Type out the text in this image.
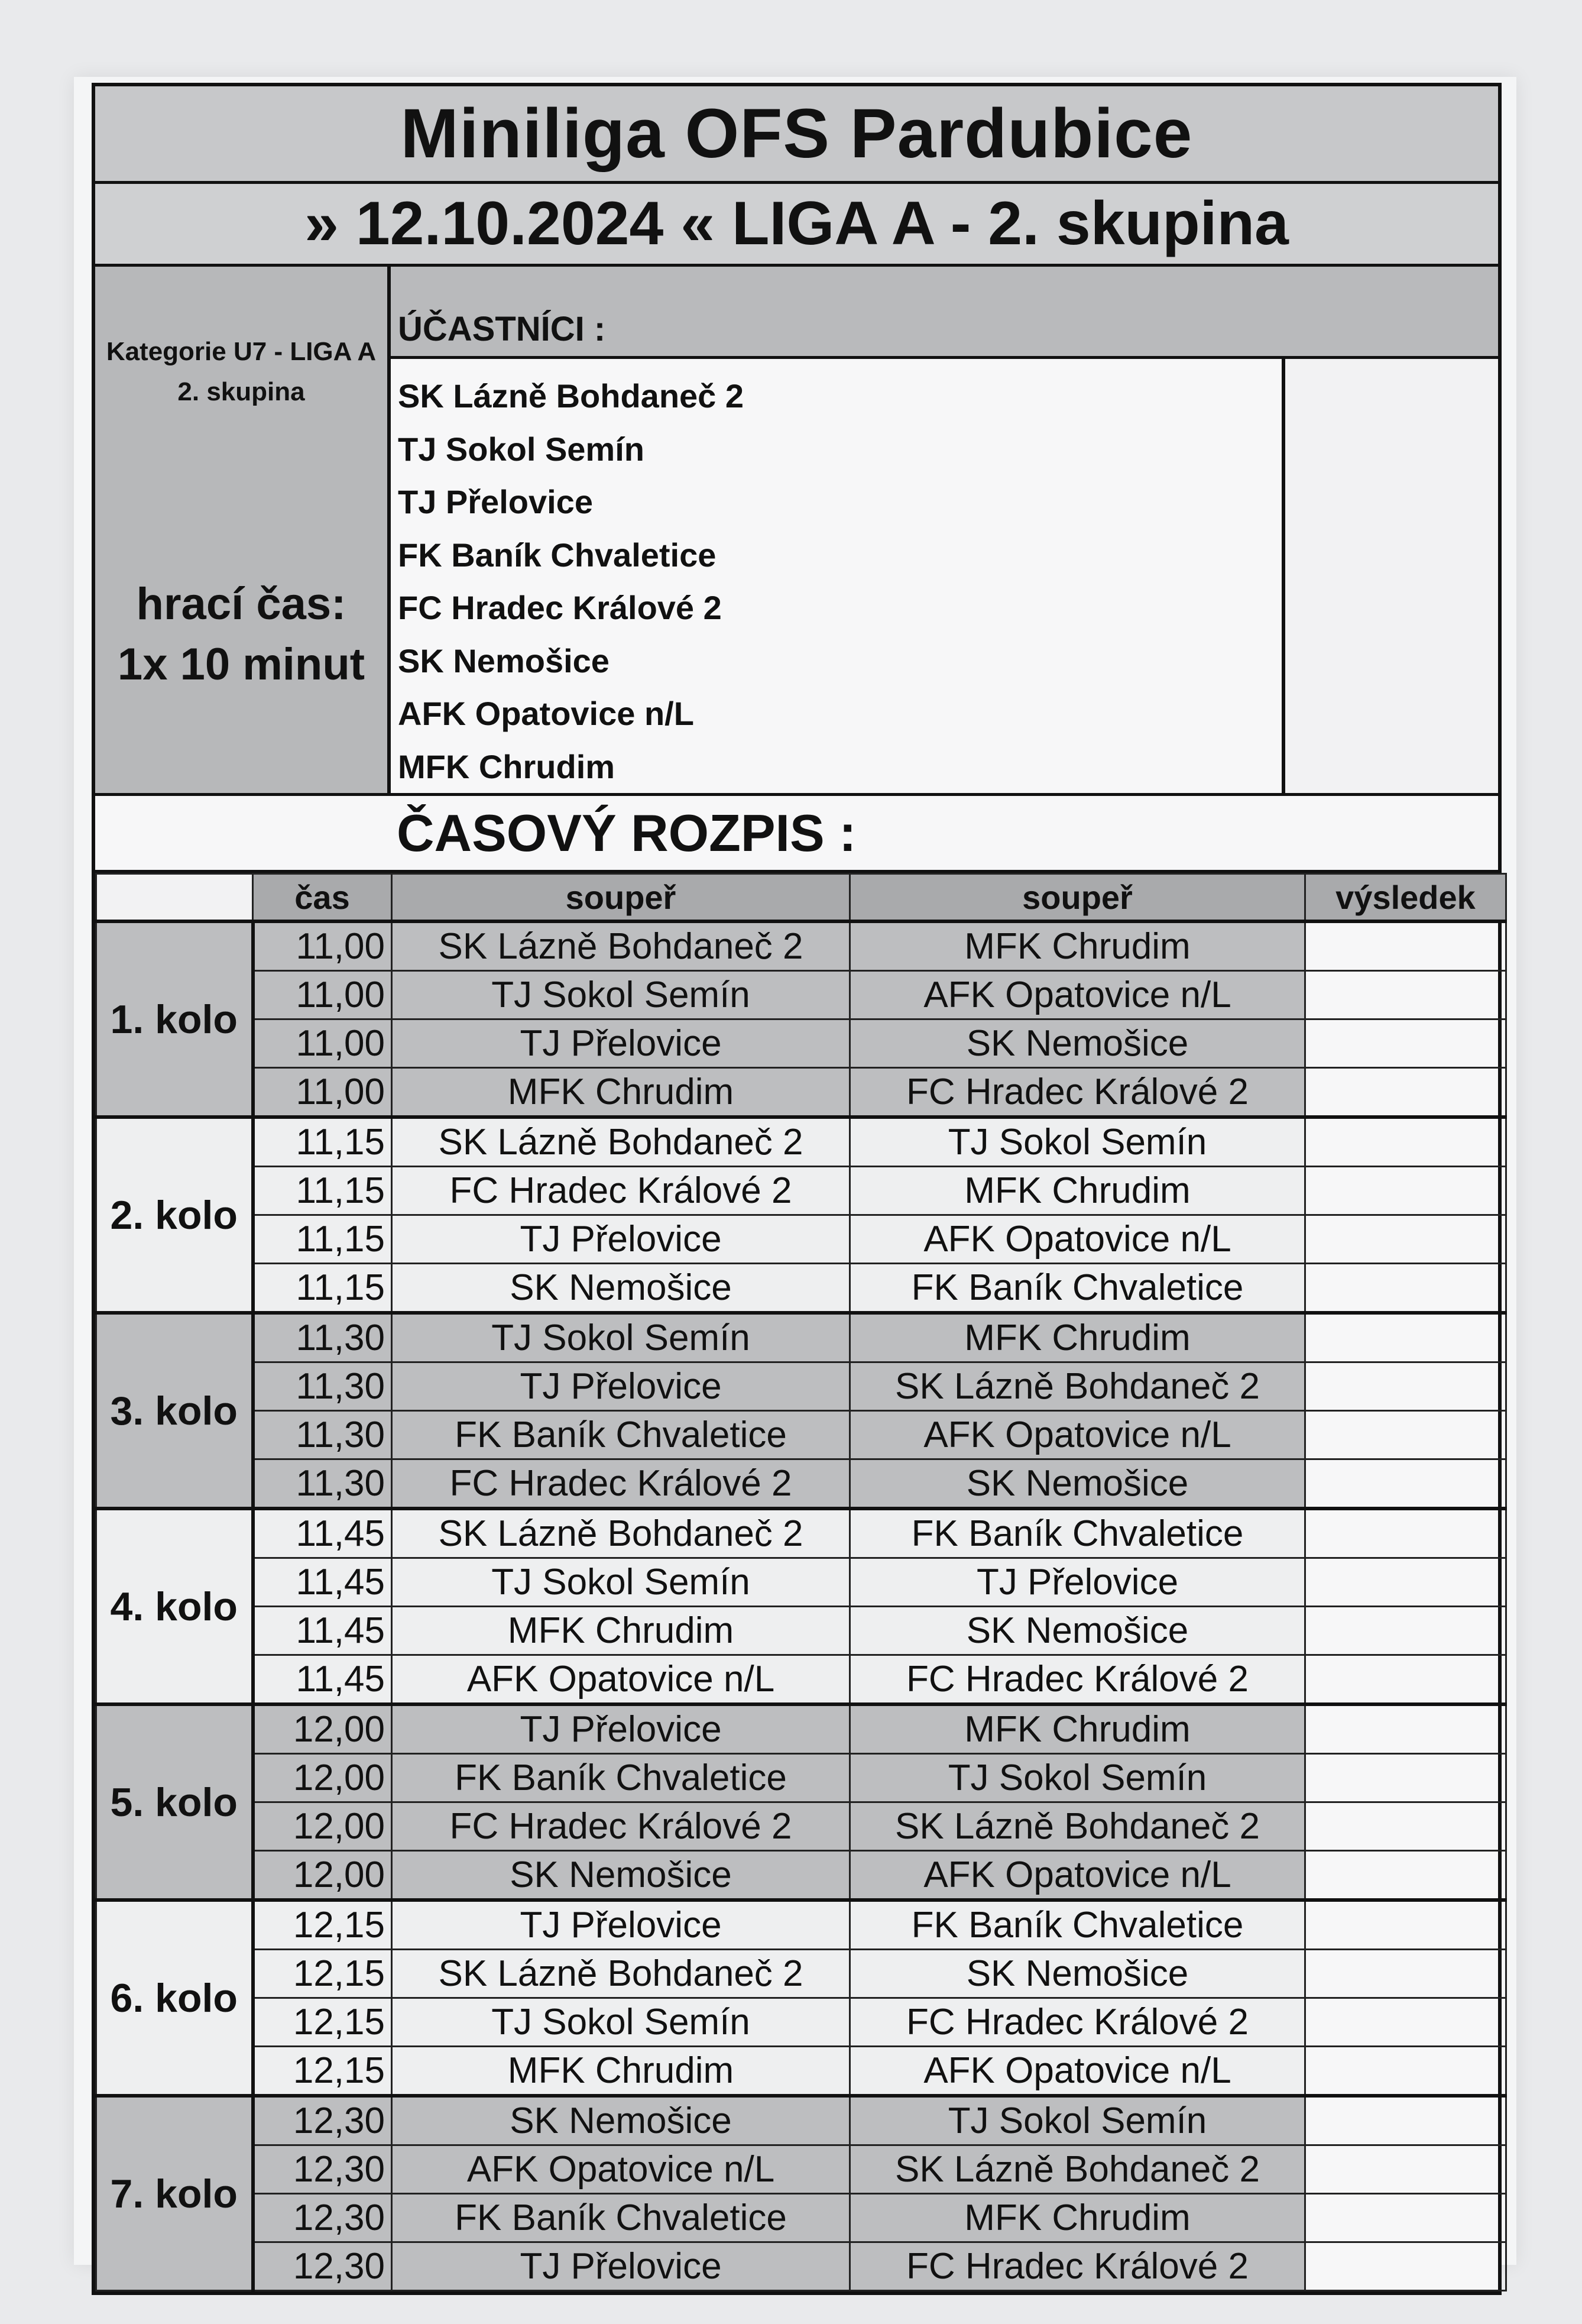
Miniliga OFS Pardubice
» 12.10.2024 « LIGA A - 2. skupina
Kategorie U7 - LIGA A 2. skupina
hrací čas:
1x 10 minut
ÚČASTNÍCI :
SK Lázně Bohdaneč 2
TJ Sokol Semín
TJ Přelovice
FK Baník Chvaletice
FC Hradec Králové 2
SK Nemošice
AFK Opatovice n/L
MFK Chrudim
ČASOVÝ ROZPIS :
	čas	soupeř	soupeř	výsledek
1. kolo	11,00	SK Lázně Bohdaneč 2	MFK Chrudim	
	11,00	TJ Sokol Semín	AFK Opatovice n/L	
	11,00	TJ Přelovice	SK Nemošice	
	11,00	MFK Chrudim	FC Hradec Králové 2	
2. kolo	11,15	SK Lázně Bohdaneč 2	TJ Sokol Semín	
	11,15	FC Hradec Králové 2	MFK Chrudim	
	11,15	TJ Přelovice	AFK Opatovice n/L	
	11,15	SK Nemošice	FK Baník Chvaletice	
3. kolo	11,30	TJ Sokol Semín	MFK Chrudim	
	11,30	TJ Přelovice	SK Lázně Bohdaneč 2	
	11,30	FK Baník Chvaletice	AFK Opatovice n/L	
	11,30	FC Hradec Králové 2	SK Nemošice	
4. kolo	11,45	SK Lázně Bohdaneč 2	FK Baník Chvaletice	
	11,45	TJ Sokol Semín	TJ Přelovice	
	11,45	MFK Chrudim	SK Nemošice	
	11,45	AFK Opatovice n/L	FC Hradec Králové 2	
5. kolo	12,00	TJ Přelovice	MFK Chrudim	
	12,00	FK Baník Chvaletice	TJ Sokol Semín	
	12,00	FC Hradec Králové 2	SK Lázně Bohdaneč 2	
	12,00	SK Nemošice	AFK Opatovice n/L	
6. kolo	12,15	TJ Přelovice	FK Baník Chvaletice	
	12,15	SK Lázně Bohdaneč 2	SK Nemošice	
	12,15	TJ Sokol Semín	FC Hradec Králové 2	
	12,15	MFK Chrudim	AFK Opatovice n/L	
7. kolo	12,30	SK Nemošice	TJ Sokol Semín	
	12,30	AFK Opatovice n/L	SK Lázně Bohdaneč 2	
	12,30	FK Baník Chvaletice	MFK Chrudim	
	12,30	TJ Přelovice	FC Hradec Králové 2	
